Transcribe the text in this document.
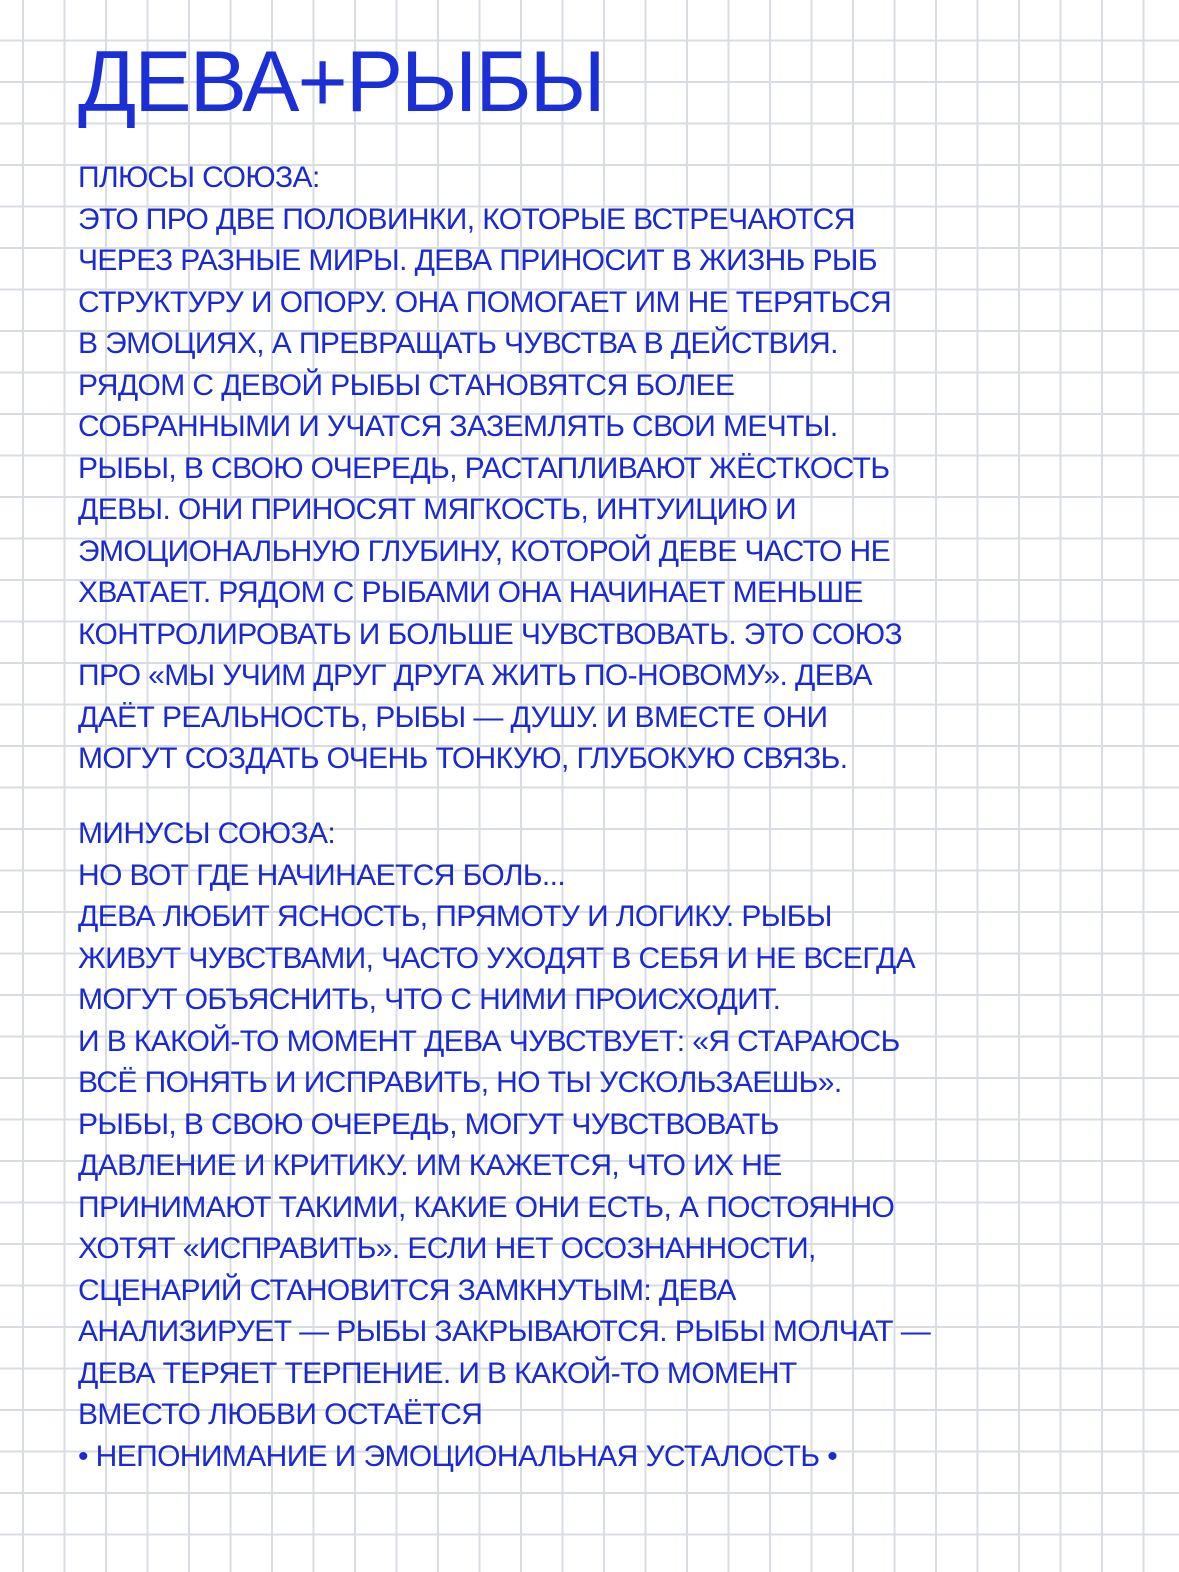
ДЕВА+РЫБЫ
ПЛЮСЫ СОЮЗА:
ЭТО ПРО ДВЕ ПОЛОВИНКИ, КОТОРЫЕ ВСТРЕЧАЮТСЯ
ЧЕРЕЗ РАЗНЫЕ МИРЫ. ДЕВА ПРИНОСИТ В ЖИЗНЬ РЫБ
СТРУКТУРУ И ОПОРУ. ОНА ПОМОГАЕТ ИМ НЕ ТЕРЯТЬСЯ
В ЭМОЦИЯХ, А ПРЕВРАЩАТЬ ЧУВСТВА В ДЕЙСТВИЯ.
РЯДОМ С ДЕВОЙ РЫБЫ СТАНОВЯТСЯ БОЛЕЕ
СОБРАННЫМИ И УЧАТСЯ ЗАЗЕМЛЯТЬ СВОИ МЕЧТЫ.
РЫБЫ, В СВОЮ ОЧЕРЕДЬ, РАСТАПЛИВАЮТ ЖЁСТКОСТЬ
ДЕВЫ. ОНИ ПРИНОСЯТ МЯГКОСТЬ, ИНТУИЦИЮ И
ЭМОЦИОНАЛЬНУЮ ГЛУБИНУ, КОТОРОЙ ДЕВЕ ЧАСТО НЕ
ХВАТАЕТ. РЯДОМ С РЫБАМИ ОНА НАЧИНАЕТ МЕНЬШЕ
КОНТРОЛИРОВАТЬ И БОЛЬШЕ ЧУВСТВОВАТЬ. ЭТО СОЮЗ
ПРО «МЫ УЧИМ ДРУГ ДРУГА ЖИТЬ ПО-НОВОМУ». ДЕВА
ДАЁТ РЕАЛЬНОСТЬ, РЫБЫ — ДУШУ. И ВМЕСТЕ ОНИ
МОГУТ СОЗДАТЬ ОЧЕНЬ ТОНКУЮ, ГЛУБОКУЮ СВЯЗЬ.
МИНУСЫ СОЮЗА:
НО ВОТ ГДЕ НАЧИНАЕТСЯ БОЛЬ...
ДЕВА ЛЮБИТ ЯСНОСТЬ, ПРЯМОТУ И ЛОГИКУ. РЫБЫ
ЖИВУТ ЧУВСТВАМИ, ЧАСТО УХОДЯТ В СЕБЯ И НЕ ВСЕГДА
МОГУТ ОБЪЯСНИТЬ, ЧТО С НИМИ ПРОИСХОДИТ.
И В КАКОЙ-ТО МОМЕНТ ДЕВА ЧУВСТВУЕТ: «Я СТАРАЮСЬ
ВСЁ ПОНЯТЬ И ИСПРАВИТЬ, НО ТЫ УСКОЛЬЗАЕШЬ».
РЫБЫ, В СВОЮ ОЧЕРЕДЬ, МОГУТ ЧУВСТВОВАТЬ
ДАВЛЕНИЕ И КРИТИКУ. ИМ КАЖЕТСЯ, ЧТО ИХ НЕ
ПРИНИМАЮТ ТАКИМИ, КАКИЕ ОНИ ЕСТЬ, А ПОСТОЯННО
ХОТЯТ «ИСПРАВИТЬ». ЕСЛИ НЕТ ОСОЗНАННОСТИ,
СЦЕНАРИЙ СТАНОВИТСЯ ЗАМКНУТЫМ: ДЕВА
АНАЛИЗИРУЕТ — РЫБЫ ЗАКРЫВАЮТСЯ. РЫБЫ МОЛЧАТ —
ДЕВА ТЕРЯЕТ ТЕРПЕНИЕ. И В КАКОЙ-ТО МОМЕНТ
ВМЕСТО ЛЮБВИ ОСТАЁТСЯ
• НЕПОНИМАНИЕ И ЭМОЦИОНАЛЬНАЯ УСТАЛОСТЬ •
